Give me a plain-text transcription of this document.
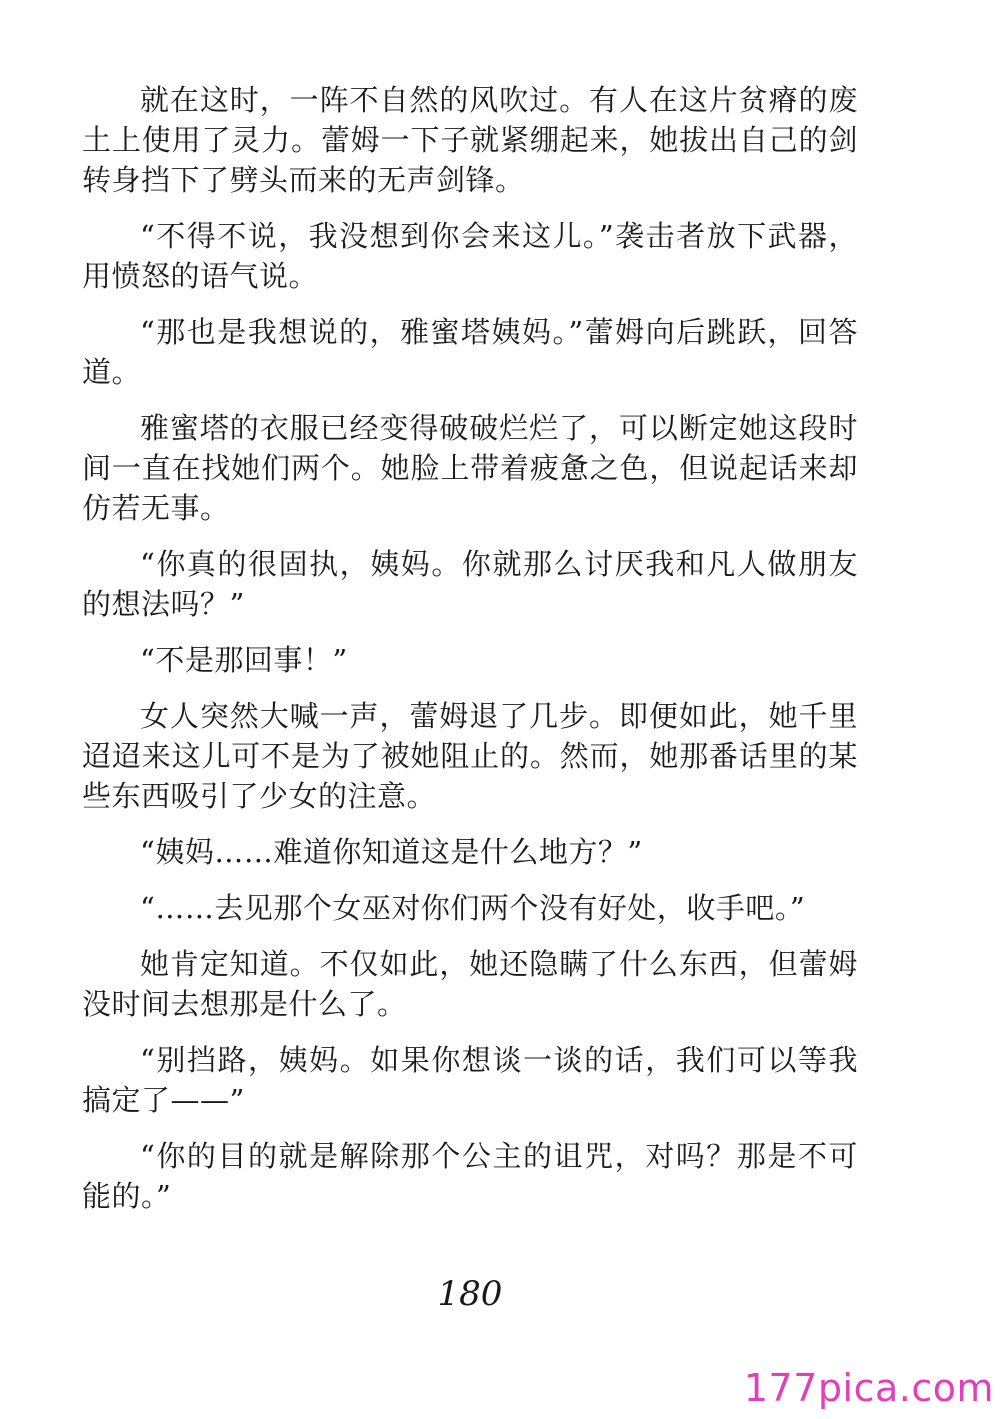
就在这时，一阵不自然的风吹过。有人在这片贫瘠的废土上使用了灵力。蕾姆一下子就紧绷起来，她拔出自己的剑转身挡下了劈头而来的无声剑锋。

“不得不说，我没想到你会来这儿。”袭击者放下武器，用愤怒的语气说。

“那也是我想说的，雅蜜塔姨妈。”蕾姆向后跳跃，回答道。

雅蜜塔的衣服已经变得破破烂烂了，可以断定她这段时间一直在找她们两个。她脸上带着疲惫之色，但说起话来却仿若无事。

“你真的很固执，姨妈。你就那么讨厌我和凡人做朋友的想法吗？”

“不是那回事！”

女人突然大喊一声，蕾姆退了几步。即便如此，她千里迢迢来这儿可不是为了被她阻止的。然而，她那番话里的某些东西吸引了少女的注意。

“姨妈……难道你知道这是什么地方？”

“……去见那个女巫对你们两个没有好处，收手吧。”

她肯定知道。不仅如此，她还隐瞒了什么东西，但蕾姆没时间去想那是什么了。

“别挡路，姨妈。如果你想谈一谈的话，我们可以等我搞定了——”

“你的目的就是解除那个公主的诅咒，对吗？那是不可能的。”

180
177pica.com
